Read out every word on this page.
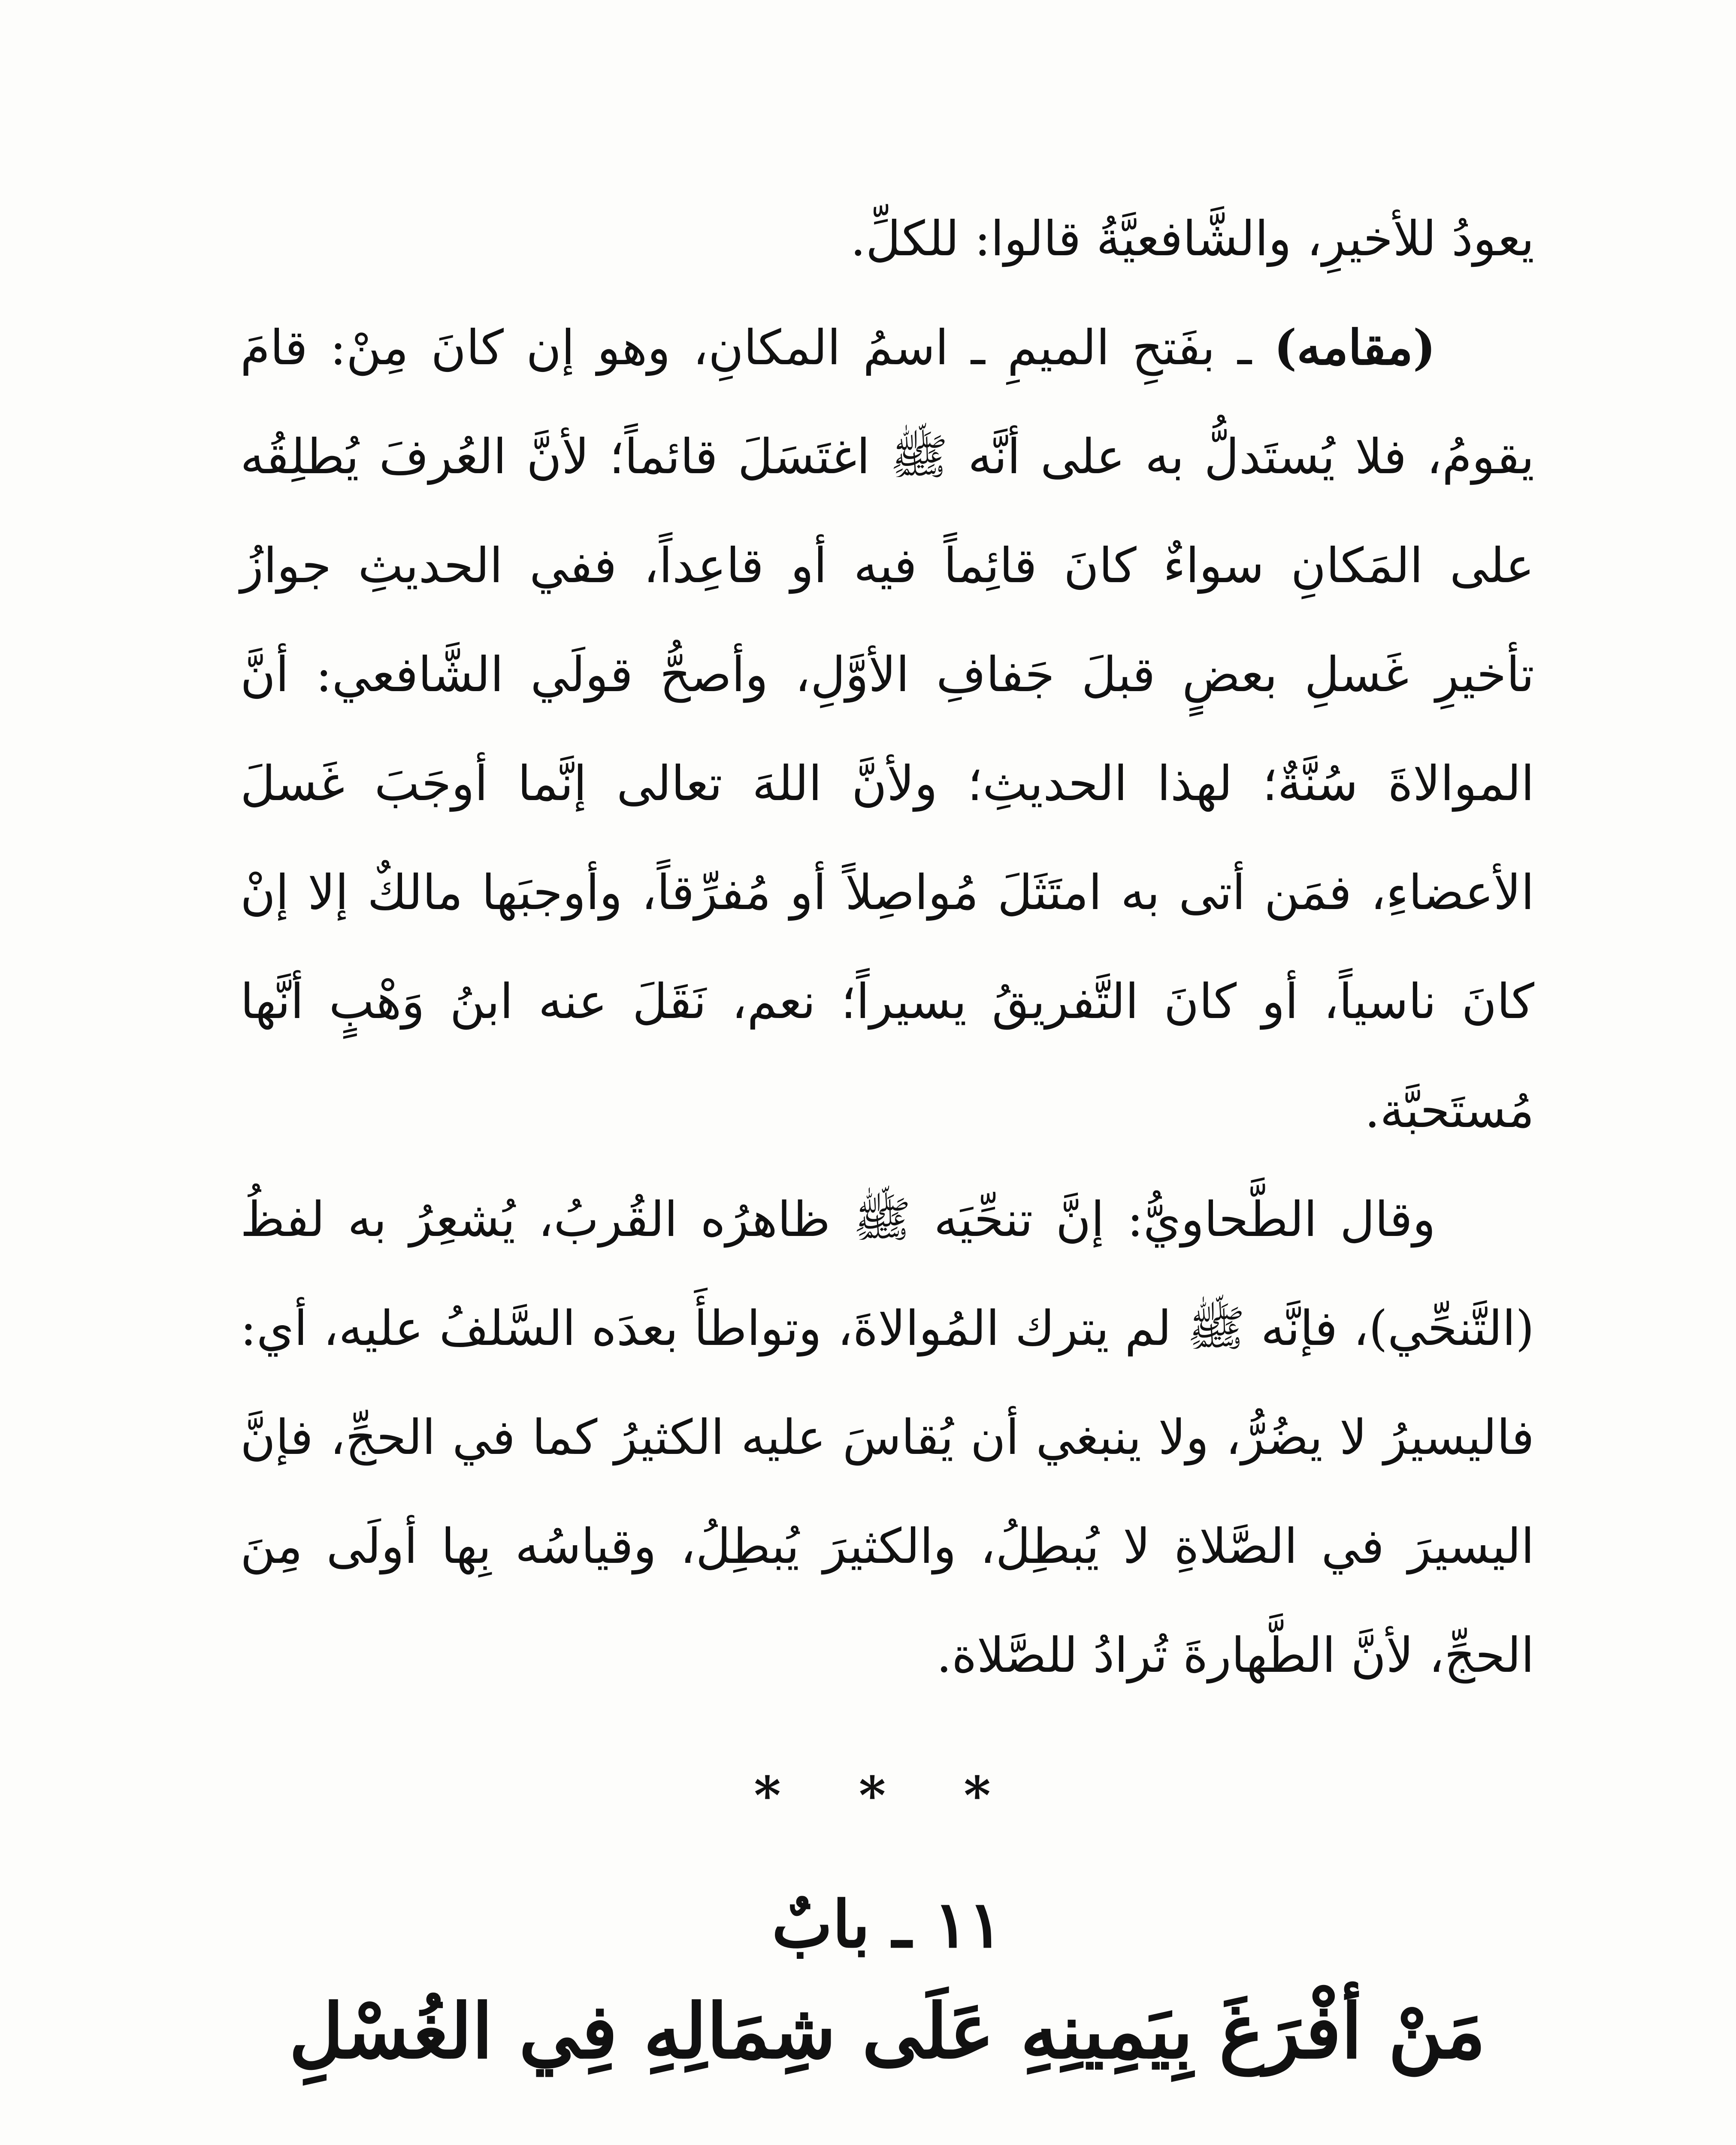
يعودُ للأخيرِ، والشَّافعيَّةُ قالوا: للكلِّ.

(مقامه) ـ بفَتحِ الميمِ ـ اسمُ المكانِ، وهو إن كانَ مِنْ: قامَ يقومُ، فلا يُستَدلُّ به على أنَّه ﷺ اغتَسَلَ قائماً؛ لأنَّ العُرفَ يُطلِقُه على المَكانِ سواءٌ كانَ قائِماً فيه أو قاعِداً، ففي الحديثِ جوازُ تأخيرِ غَسلِ بعضٍ قبلَ جَفافِ الأوَّلِ، وأصحُّ قولَي الشَّافعي: أنَّ الموالاةَ سُنَّةٌ؛ لهذا الحديثِ؛ ولأنَّ اللهَ تعالى إنَّما أوجَبَ غَسلَ الأعضاءِ، فمَن أتى به امتَثَلَ مُواصِلاً أو مُفرِّقاً، وأوجبَها مالكٌ إلا إنْ كانَ ناسياً، أو كانَ التَّفريقُ يسيراً؛ نعم، نَقَلَ عنه ابنُ وَهْبٍ أنَّها مُستَحبَّة.

وقال الطَّحاويُّ: إنَّ تنحِّيَه ﷺ ظاهرُه القُربُ، يُشعِرُ به لفظُ (التَّنحِّي)، فإنَّه ﷺ لم يترك المُوالاةَ، وتواطأَ بعدَه السَّلفُ عليه، أي: فاليسيرُ لا يضُرُّ، ولا ينبغي أن يُقاسَ عليه الكثيرُ كما في الحجِّ، فإنَّ اليسيرَ في الصَّلاةِ لا يُبطِلُ، والكثيرَ يُبطِلُ، وقياسُه بِها أولَى مِنَ الحجِّ، لأنَّ الطَّهارةَ تُرادُ للصَّلاة.

* * *
١١ ـ بابٌ
مَنْ أفْرَغَ بِيَمِينِهِ عَلَى شِمَالِهِ فِي الغُسْلِ
